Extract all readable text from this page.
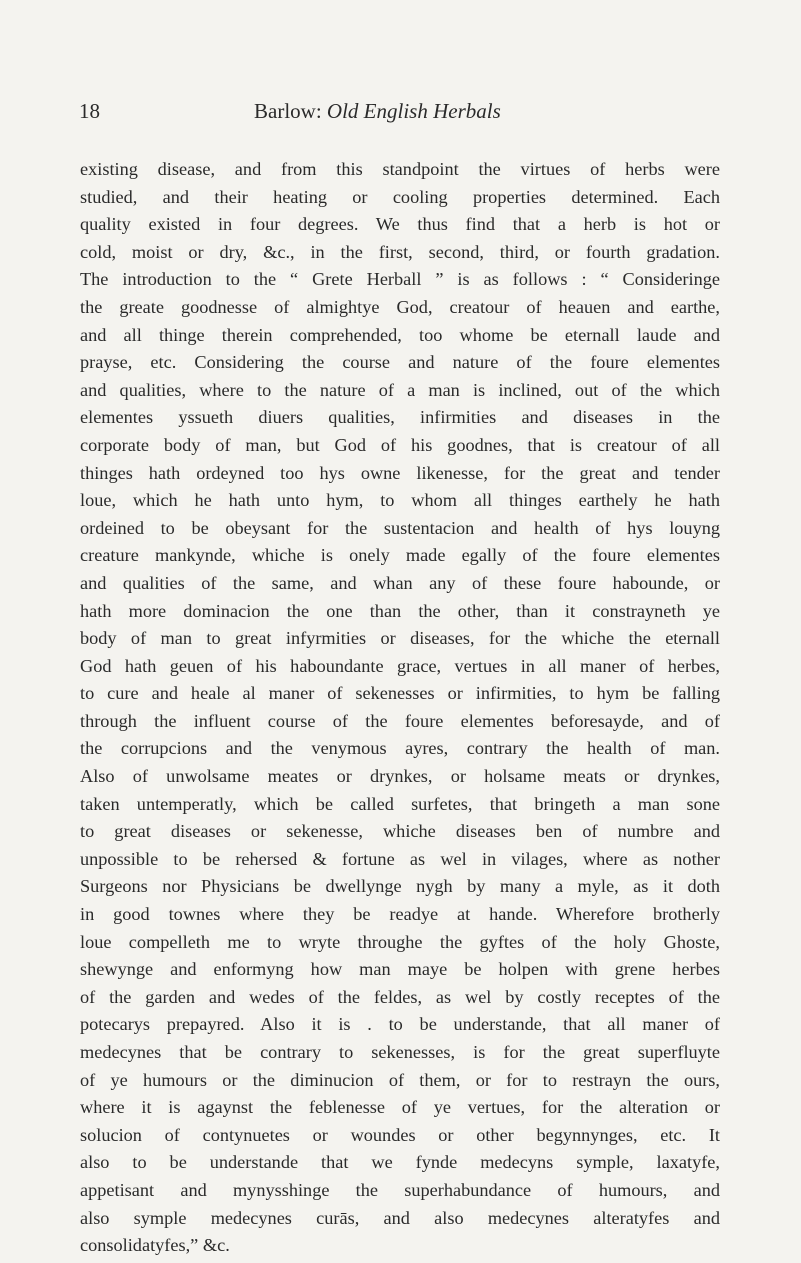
18	Barlow: Old English Herbals
existing disease, and from this standpoint the virtues of herbs were
studied, and their heating or cooling properties determined. Each
quality existed in four degrees. We thus find that a herb is hot or
cold, moist or dry, &c., in the first, second, third, or fourth gradation.
The introduction to the “ Grete Herball ” is as follows : “ Consideringe
the greate goodnesse of almightye God, creatour of heauen and earthe,
and all thinge therein comprehended, too whome be eternall laude and
prayse, etc. Considering the course and nature of the foure elementes
and qualities, where to the nature of a man is inclined, out of the which
elementes yssueth diuers qualities, infirmities and diseases in the
corporate body of man, but God of his goodnes, that is creatour of all
thinges hath ordeyned too hys owne likenesse, for the great and tender
loue, which he hath unto hym, to whom all thinges earthely he hath
ordeined to be obeysant for the sustentacion and health of hys louyng
creature mankynde, whiche is onely made egally of the foure elementes
and qualities of the same, and whan any of these foure habounde, or
hath more dominacion the one than the other, than it constrayneth ye
body of man to great infyrmities or diseases, for the whiche the eternall
God hath geuen of his haboundante grace, vertues in all maner of herbes,
to cure and heale al maner of sekenesses or infirmities, to hym be falling
through the influent course of the foure elementes beforesayde, and of
the corrupcions and the venymous ayres, contrary the health of man.
Also of unwolsame meates or drynkes, or holsame meats or drynkes,
taken untemperatly, which be called surfetes, that bringeth a man sone
to great diseases or sekenesse, whiche diseases ben of numbre and
unpossible to be rehersed & fortune as wel in vilages, where as nother
Surgeons nor Physicians be dwellynge nygh by many a myle, as it doth
in good townes where they be readye at hande. Wherefore brotherly
loue compelleth me to wryte throughe the gyftes of the holy Ghoste,
shewynge and enformyng how man maye be holpen with grene herbes
of the garden and wedes of the feldes, as wel by costly receptes of the
potecarys prepayred. Also it is . to be understande, that all maner of
medecynes that be contrary to sekenesses, is for the great superfluyte
of ye humours or the diminucion of them, or for to restrayn the ours,
where it is agaynst the feblenesse of ye vertues, for the alteration or
solucion of contynuetes or woundes or other begynnynges, etc. It
also to be understande that we fynde medecyns symple, laxatyfe,
appetisant and mynysshinge the superhabundance of humours, and
also symple medecynes curās, and also medecynes alteratyfes and
consolidatyfes,” &c.
